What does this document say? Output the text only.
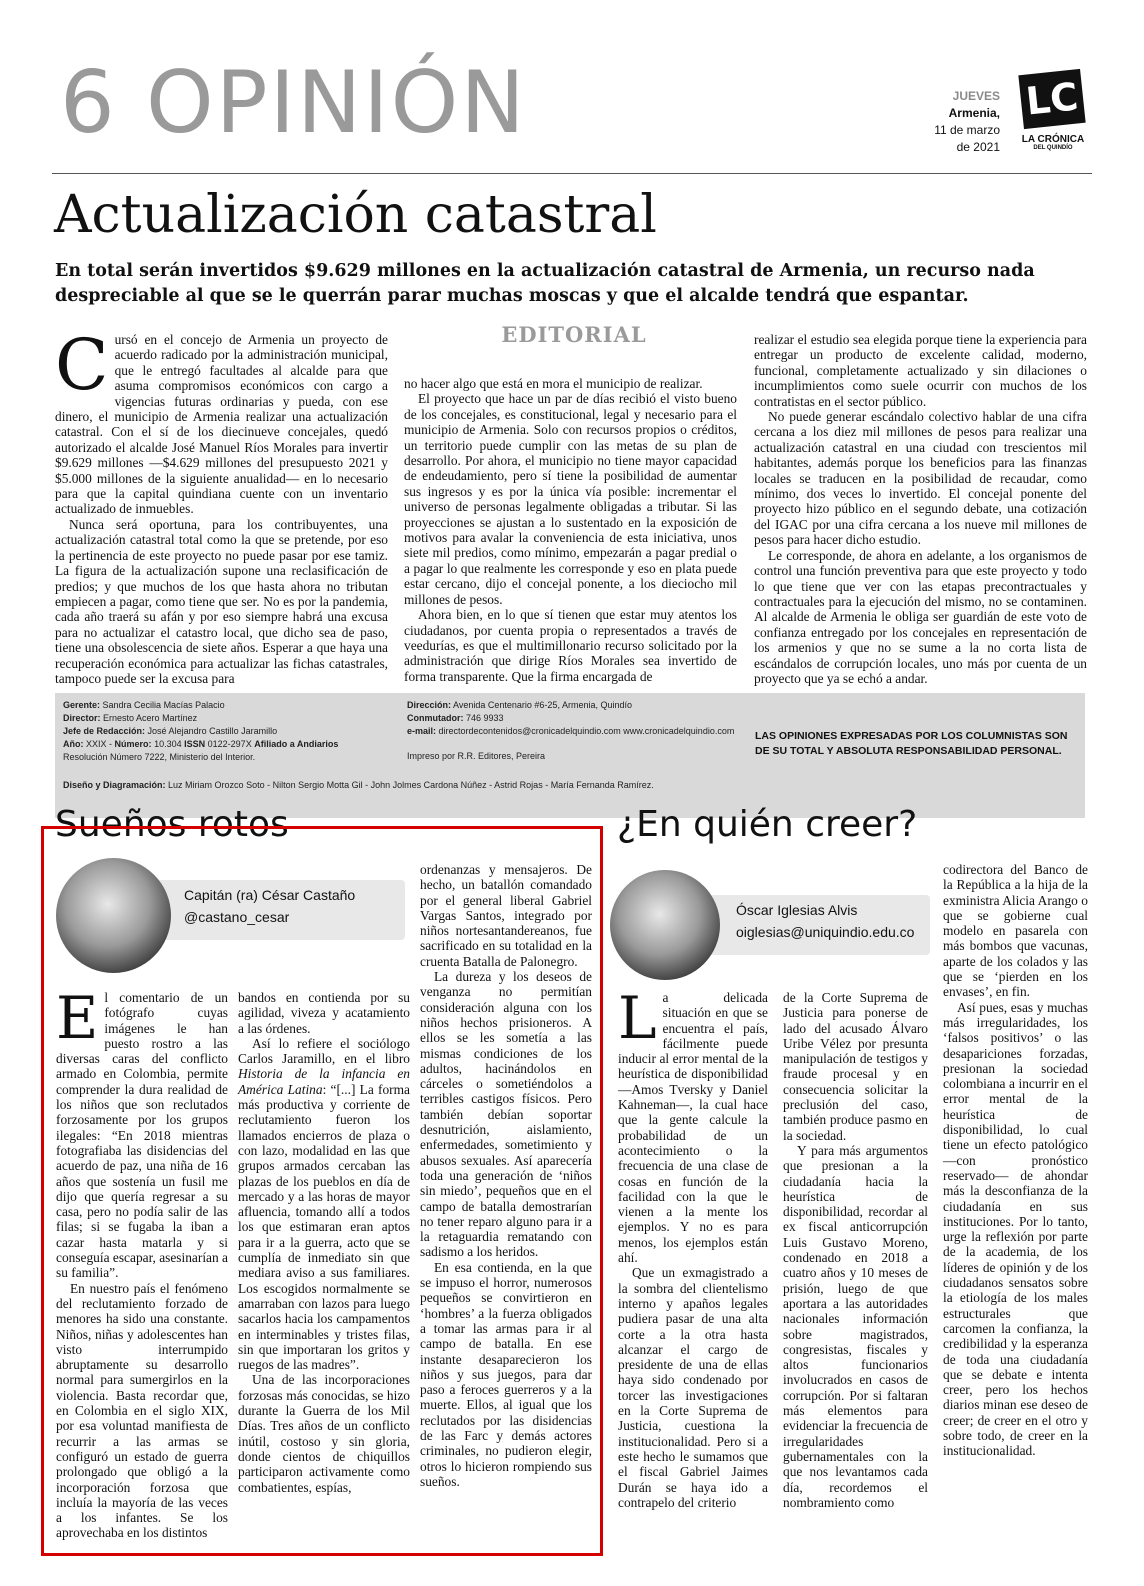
6 OPINIÓN	JUEVES
Armenia,
11 de marzo
de 2021
LC
LA CRÓNICA
DEL QUINDÍO
Actualización catastral
En total serán invertidos $9.629 millones en la actualización catastral de Armenia, un recurso nada despreciable al que se le querrán parar muchas moscas y que el alcalde tendrá que espantar.
EDITORIAL

Cursó en el concejo de Armenia un proyecto de acuerdo radicado por la administración municipal, que le entregó facultades al alcalde para que asuma compromisos económicos con cargo a vigencias futuras ordinarias y pueda, con ese dinero, el municipio de Armenia realizar una actualización catastral. Con el sí de los diecinueve concejales, quedó autorizado el alcalde José Manuel Ríos Morales para invertir $9.629 millones —$4.629 millones del presupuesto 2021 y $5.000 millones de la siguiente anualidad— en lo necesario para que la capital quindiana cuente con un inventario actualizado de inmuebles.

Nunca será oportuna, para los contribuyentes, una actualización catastral total como la que se pretende, por eso la pertinencia de este proyecto no puede pasar por ese tamiz. La figura de la actualización supone una reclasificación de predios; y que muchos de los que hasta ahora no tributan empiecen a pagar, como tiene que ser. No es por la pandemia, cada año traerá su afán y por eso siempre habrá una excusa para no actualizar el catastro local, que dicho sea de paso, tiene una obsolescencia de siete años. Esperar a que haya una recuperación económica para actualizar las fichas catastrales, tampoco puede ser la excusa para

no hacer algo que está en mora el municipio de realizar.

El proyecto que hace un par de días recibió el visto bueno de los concejales, es constitucional, legal y necesario para el municipio de Armenia. Solo con recursos propios o créditos, un territorio puede cumplir con las metas de su plan de desarrollo. Por ahora, el municipio no tiene mayor capacidad de endeudamiento, pero sí tiene la posibilidad de aumentar sus ingresos y es por la única vía posible: incrementar el universo de personas legalmente obligadas a tributar. Si las proyecciones se ajustan a lo sustentado en la exposición de motivos para avalar la conveniencia de esta iniciativa, unos siete mil predios, como mínimo, empezarán a pagar predial o a pagar lo que realmente les corresponde y eso en plata puede estar cercano, dijo el concejal ponente, a los dieciocho mil millones de pesos.

Ahora bien, en lo que sí tienen que estar muy atentos los ciudadanos, por cuenta propia o representados a través de veedurías, es que el multimillonario recurso solicitado por la administración que dirige Ríos Morales sea invertido de forma transparente. Que la firma encargada de

realizar el estudio sea elegida porque tiene la experiencia para entregar un producto de excelente calidad, moderno, funcional, completamente actualizado y sin dilaciones o incumplimientos como suele ocurrir con muchos de los contratistas en el sector público.

No puede generar escándalo colectivo hablar de una cifra cercana a los diez mil millones de pesos para realizar una actualización catastral en una ciudad con trescientos mil habitantes, además porque los beneficios para las finanzas locales se traducen en la posibilidad de recaudar, como mínimo, dos veces lo invertido. El concejal ponente del proyecto hizo público en el segundo debate, una cotización del IGAC por una cifra cercana a los nueve mil millones de pesos para hacer dicho estudio.

Le corresponde, de ahora en adelante, a los organismos de control una función preventiva para que este proyecto y todo lo que tiene que ver con las etapas precontractuales y contractuales para la ejecución del mismo, no se contaminen. Al alcalde de Armenia le obliga ser guardián de este voto de confianza entregado por los concejales en representación de los armenios y que no se sume a la no corta lista de escándalos de corrupción locales, uno más por cuenta de un proyecto que ya se echó a andar.

Gerente: Sandra Cecilia Macías Palacio
Director: Ernesto Acero Martínez
Jefe de Redacción: José Alejandro Castillo Jaramillo
Año: XXIX - Número: 10.304 ISSN 0122-297X Afiliado a Andiarios
Resolución Número 7222, Ministerio del Interior.
Dirección: Avenida Centenario #6-25, Armenia, Quindío
Conmutador: 746 9933
e-mail: directordecontenidos@cronicadelquindio.com www.cronicadelquindio.com
Impreso por R.R. Editores, Pereira
LAS OPINIONES EXPRESADAS POR LOS COLUMNISTAS SON DE SU TOTAL Y ABSOLUTA RESPONSABILIDAD PERSONAL.
Diseño y Diagramación: Luz Miriam Orozco Soto - Nilton Sergio Motta Gil - John Jolmes Cardona Núñez - Astrid Rojas - María Fernanda Ramírez.
Sueños rotos
Capitán (ra) César Castaño
@castano_cesar

El comentario de un fotógrafo cuyas imágenes le han puesto rostro a las diversas caras del conflicto armado en Colombia, permite comprender la dura realidad de los niños que son reclutados forzosamente por los grupos ilegales: “En 2018 mientras fotografiaba las disidencias del acuerdo de paz, una niña de 16 años que sostenía un fusil me dijo que quería regresar a su casa, pero no podía salir de las filas; si se fugaba la iban a cazar hasta matarla y si conseguía escapar, asesinarían a su familia”.

En nuestro país el fenómeno del reclutamiento forzado de menores ha sido una constante. Niños, niñas y adolescentes han visto interrumpido abruptamente su desarrollo normal para sumergirlos en la violencia. Basta recordar que, en Colombia en el siglo XIX, por esa voluntad manifiesta de recurrir a las armas se configuró un estado de guerra prolongado que obligó a la incorporación forzosa que incluía la mayoría de las veces a los infantes. Se los aprovechaba en los distintos

bandos en contienda por su agilidad, viveza y acatamiento a las órdenes.

Así lo refiere el sociólogo Carlos Jaramillo, en el libro Historia de la infancia en América Latina: “[...] La forma más productiva y corriente de reclutamiento fueron los llamados encierros de plaza o con lazo, modalidad en las que grupos armados cercaban las plazas de los pueblos en día de mercado y a las horas de mayor afluencia, tomando allí a todos los que estimaran eran aptos para ir a la guerra, acto que se cumplía de inmediato sin que mediara aviso a sus familiares. Los escogidos normalmente se amarraban con lazos para luego sacarlos hacia los campamentos en interminables y tristes filas, sin que importaran los gritos y ruegos de las madres”.

Una de las incorporaciones forzosas más conocidas, se hizo durante la Guerra de los Mil Días. Tres años de un conflicto inútil, costoso y sin gloria, donde cientos de chiquillos participaron activamente como combatientes, espías,

ordenanzas y mensajeros. De hecho, un batallón comandado por el general liberal Gabriel Vargas Santos, integrado por niños nortesantandereanos, fue sacrificado en su totalidad en la cruenta Batalla de Palonegro.

La dureza y los deseos de venganza no permitían consideración alguna con los niños hechos prisioneros. A ellos se les sometía a las mismas condiciones de los adultos, hacinándolos en cárceles o sometiéndolos a terribles castigos físicos. Pero también debían soportar desnutrición, aislamiento, enfermedades, sometimiento y abusos sexuales. Así aparecería toda una generación de ‘niños sin miedo’, pequeños que en el campo de batalla demostrarían no tener reparo alguno para ir a la retaguardia rematando con sadismo a los heridos.

En esa contienda, en la que se impuso el horror, numerosos pequeños se convirtieron en ‘hombres’ a la fuerza obligados a tomar las armas para ir al campo de batalla. En ese instante desaparecieron los niños y sus juegos, para dar paso a feroces guerreros y a la muerte. Ellos, al igual que los reclutados por las disidencias de las Farc y demás actores criminales, no pudieron elegir, otros lo hicieron rompiendo sus sueños.

¿En quién creer?
Óscar Iglesias Alvis
oiglesias@uniquindio.edu.co

La delicada situación en que se encuentra el país, fácilmente puede inducir al error mental de la heurística de disponibilidad —Amos Tversky y Daniel Kahneman—, la cual hace que la gente calcule la probabilidad de un acontecimiento o la frecuencia de una clase de cosas en función de la facilidad con la que le vienen a la mente los ejemplos. Y no es para menos, los ejemplos están ahí.

Que un exmagistrado a la sombra del clientelismo interno y apaños legales pudiera pasar de una alta corte a la otra hasta alcanzar el cargo de presidente de una de ellas haya sido condenado por torcer las investigaciones en la Corte Suprema de Justicia, cuestiona la institucionalidad. Pero si a este hecho le sumamos que el fiscal Gabriel Jaimes Durán se haya ido a contrapelo del criterio

de la Corte Suprema de Justicia para ponerse de lado del acusado Álvaro Uribe Vélez por presunta manipulación de testigos y fraude procesal y en consecuencia solicitar la preclusión del caso, también produce pasmo en la sociedad.

Y para más argumentos que presionan a la ciudadanía hacia la heurística de disponibilidad, recordar al ex fiscal anticorrupción Luis Gustavo Moreno, condenado en 2018 a cuatro años y 10 meses de prisión, luego de que aportara a las autoridades nacionales información sobre magistrados, congresistas, fiscales y altos funcionarios involucrados en casos de corrupción. Por si faltaran más elementos para evidenciar la frecuencia de irregularidades gubernamentales con la que nos levantamos cada día, recordemos el nombramiento como

codirectora del Banco de la República a la hija de la exministra Alicia Arango o que se gobierne cual modelo en pasarela con más bombos que vacunas, aparte de los colados y las que se ‘pierden en los envases’, en fin.

Así pues, esas y muchas más irregularidades, los ‘falsos positivos’ o las desapariciones forzadas, presionan la sociedad colombiana a incurrir en el error mental de la heurística de disponibilidad, lo cual tiene un efecto patológico —con pronóstico reservado— de ahondar más la desconfianza de la ciudadanía en sus instituciones. Por lo tanto, urge la reflexión por parte de la academia, de los líderes de opinión y de los ciudadanos sensatos sobre la etiología de los males estructurales que carcomen la confianza, la credibilidad y la esperanza de toda una ciudadanía que se debate e intenta creer, pero los hechos diarios minan ese deseo de creer; de creer en el otro y sobre todo, de creer en la institucionalidad.
